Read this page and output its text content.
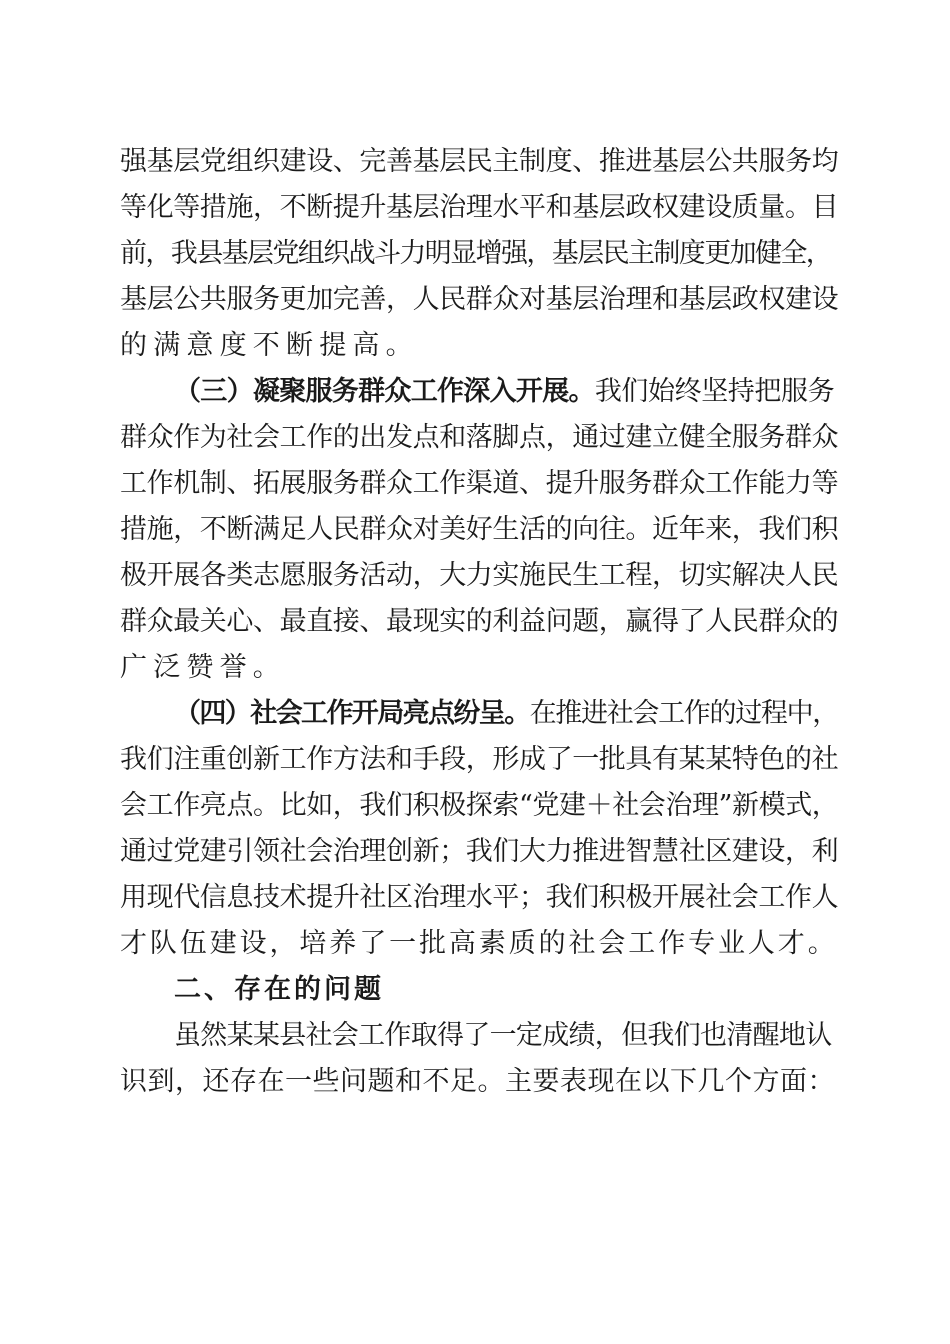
强基层党组织建设、完善基层民主制度、推进基层公共服务均
等化等措施，不断提升基层治理水平和基层政权建设质量。目
前，我县基层党组织战斗力明显增强，基层民主制度更加健全，
基层公共服务更加完善，人民群众对基层治理和基层政权建设
的满意度不断提高。
（三）凝聚服务群众工作深入开展。我们始终坚持把服务
群众作为社会工作的出发点和落脚点，通过建立健全服务群众
工作机制、拓展服务群众工作渠道、提升服务群众工作能力等
措施，不断满足人民群众对美好生活的向往。近年来，我们积
极开展各类志愿服务活动，大力实施民生工程，切实解决人民
群众最关心、最直接、最现实的利益问题，赢得了人民群众的
广泛赞誉。
（四）社会工作开局亮点纷呈。在推进社会工作的过程中，
我们注重创新工作方法和手段，形成了一批具有某某特色的社
会工作亮点。比如，我们积极探索“党建＋社会治理”新模式，
通过党建引领社会治理创新；我们大力推进智慧社区建设，利
用现代信息技术提升社区治理水平；我们积极开展社会工作人
才队伍建设，培养了一批高素质的社会工作专业人才。
二、存在的问题
虽然某某县社会工作取得了一定成绩，但我们也清醒地认
识到，还存在一些问题和不足。主要表现在以下几个方面：
